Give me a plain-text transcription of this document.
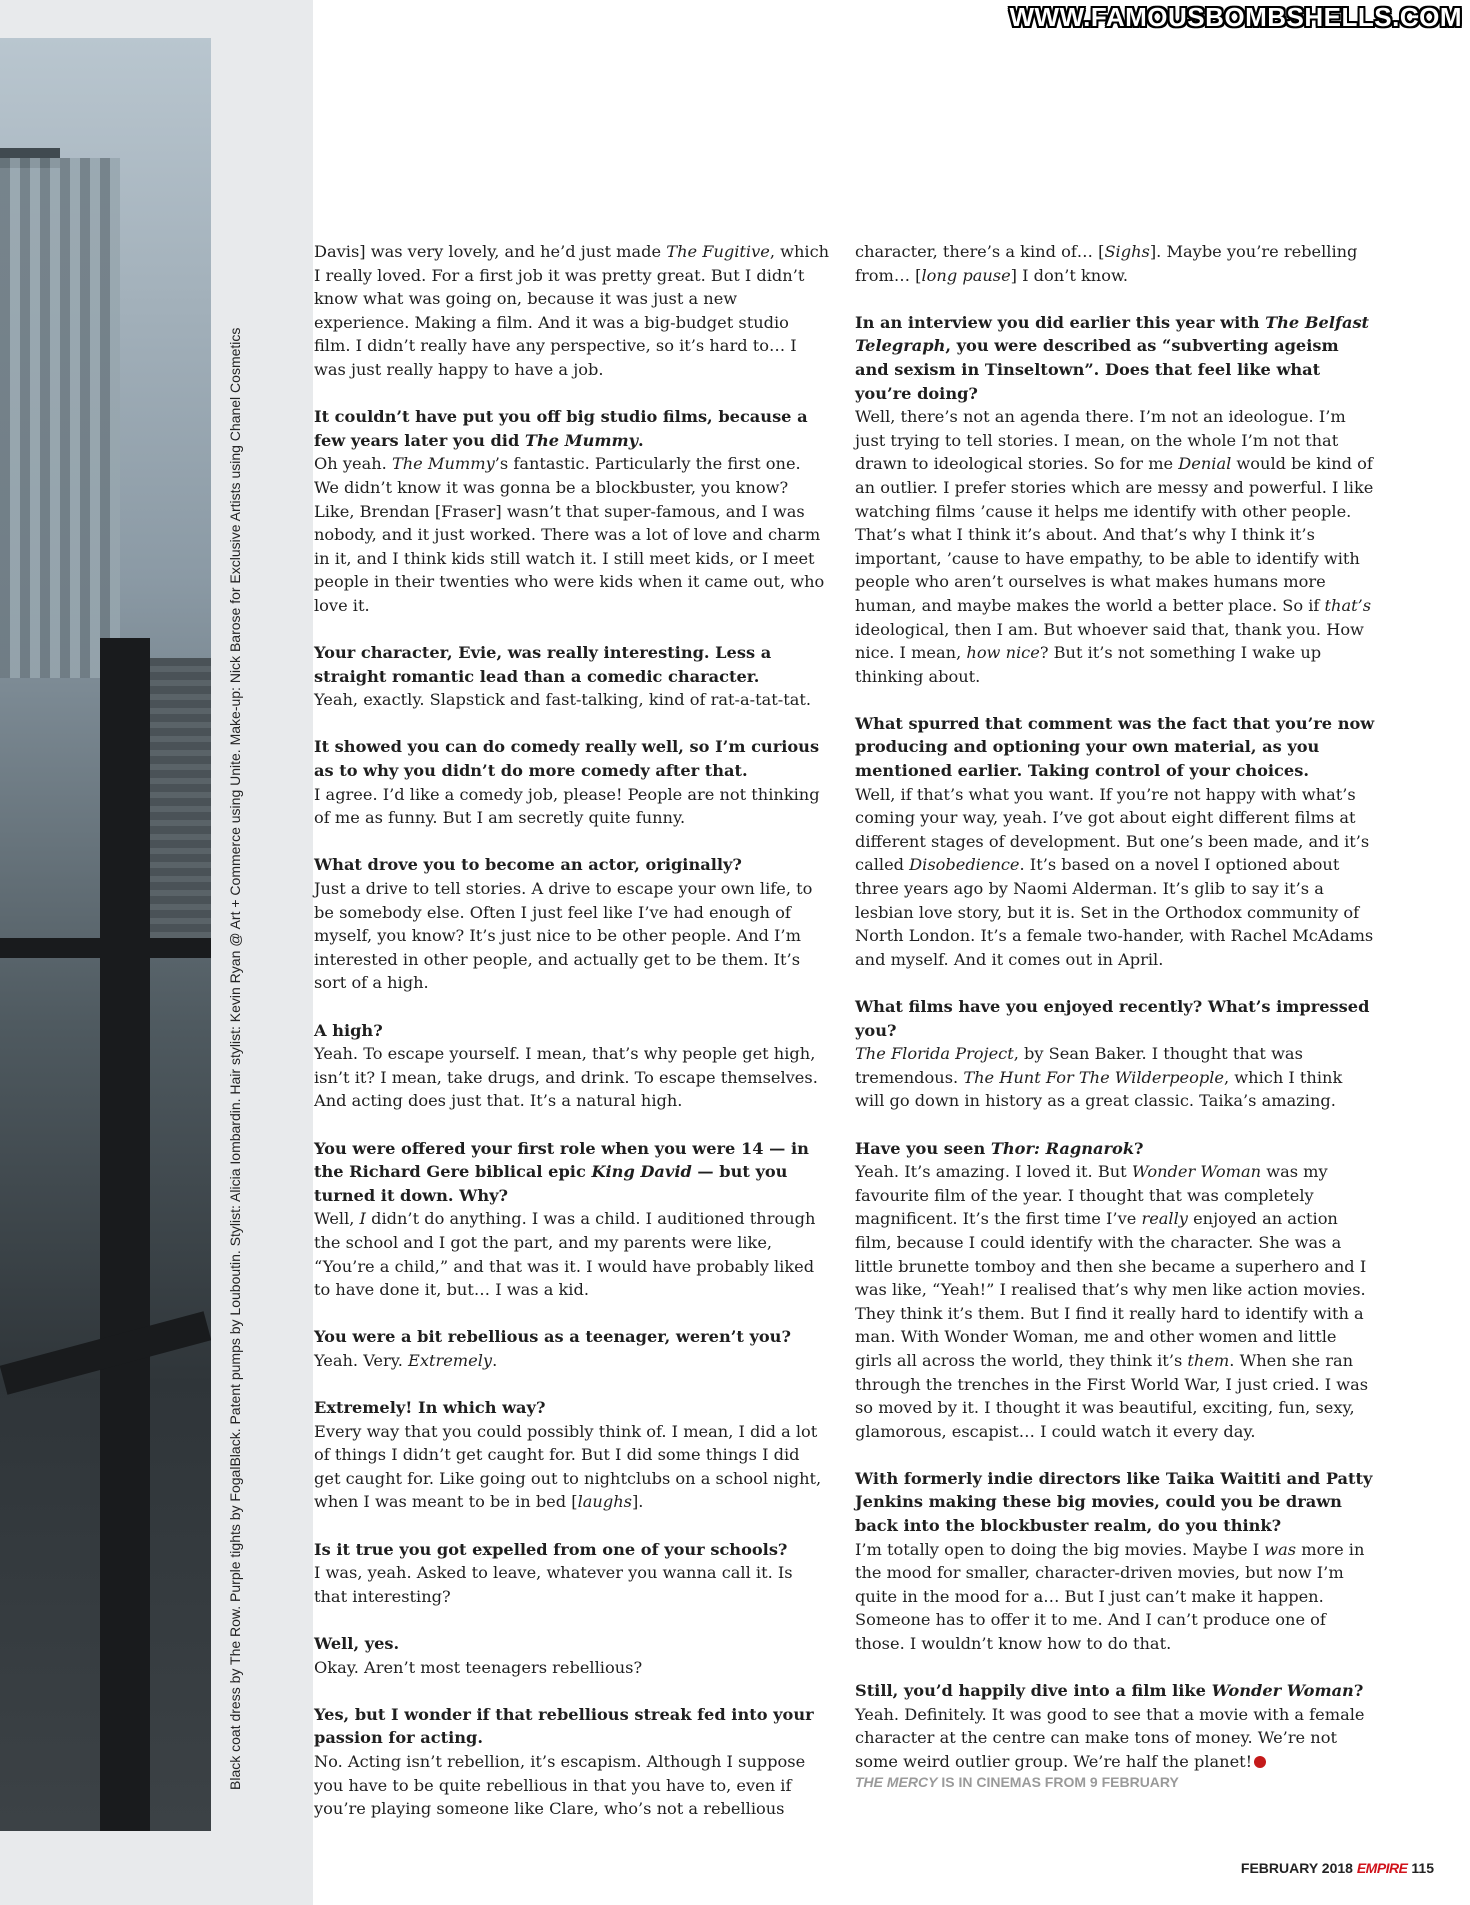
Black coat dress by The Row. Purple tights by FogalBlack. Patent pumps by Louboutin. Stylist: Alicia Iombardin. Hair stylist: Kevin Ryan @ Art + Commerce using Unite. Make-up: Nick Barose for Exclusive Artists using Chanel Cosmetics
WWW.FAMOUSBOMBSHELLS.COM
Davis] was very lovely, and he’d just made The Fugitive, which I really loved. For a first job it was pretty great. But I didn’t know what was going on, because it was just a new experience. Making a film. And it was a big-budget studio film. I didn’t really have any perspective, so it’s hard to… I was just really happy to have a job.
It couldn’t have put you off big studio films, because a few years later you did The Mummy.
Oh yeah. The Mummy’s fantastic. Particularly the first one. We didn’t know it was gonna be a blockbuster, you know? Like, Brendan [Fraser] wasn’t that super-famous, and I was nobody, and it just worked. There was a lot of love and charm in it, and I think kids still watch it. I still meet kids, or I meet people in their twenties who were kids when it came out, who love it.
Your character, Evie, was really interesting. Less a straight romantic lead than a comedic character.
Yeah, exactly. Slapstick and fast-talking, kind of rat-a-tat-tat.
It showed you can do comedy really well, so I’m curious as to why you didn’t do more comedy after that.
I agree. I’d like a comedy job, please! People are not thinking of me as funny. But I am secretly quite funny.
What drove you to become an actor, originally?
Just a drive to tell stories. A drive to escape your own life, to be somebody else. Often I just feel like I’ve had enough of myself, you know? It’s just nice to be other people. And I’m interested in other people, and actually get to be them. It’s sort of a high.
A high?
Yeah. To escape yourself. I mean, that’s why people get high, isn’t it? I mean, take drugs, and drink. To escape themselves. And acting does just that. It’s a natural high.
You were offered your first role when you were 14 — in the Richard Gere biblical epic King David — but you turned it down. Why?
Well, I didn’t do anything. I was a child. I auditioned through the school and I got the part, and my parents were like, “You’re a child,” and that was it. I would have probably liked to have done it, but… I was a kid.
You were a bit rebellious as a teenager, weren’t you?
Yeah. Very. Extremely.
Extremely! In which way?
Every way that you could possibly think of. I mean, I did a lot of things I didn’t get caught for. But I did some things I did get caught for. Like going out to nightclubs on a school night, when I was meant to be in bed [laughs].
Is it true you got expelled from one of your schools?
I was, yeah. Asked to leave, whatever you wanna call it. Is that interesting?
Well, yes.
Okay. Aren’t most teenagers rebellious?
Yes, but I wonder if that rebellious streak fed into your passion for acting.
No. Acting isn’t rebellion, it’s escapism. Although I suppose you have to be quite rebellious in that you have to, even if you’re playing someone like Clare, who’s not a rebellious
character, there’s a kind of… [Sighs]. Maybe you’re rebelling from… [long pause] I don’t know.
In an interview you did earlier this year with The Belfast Telegraph, you were described as “subverting ageism and sexism in Tinseltown”. Does that feel like what you’re doing?
Well, there’s not an agenda there. I’m not an ideologue. I’m just trying to tell stories. I mean, on the whole I’m not that drawn to ideological stories. So for me Denial would be kind of an outlier. I prefer stories which are messy and powerful. I like watching films ’cause it helps me identify with other people. That’s what I think it’s about. And that’s why I think it’s important, ’cause to have empathy, to be able to identify with people who aren’t ourselves is what makes humans more human, and maybe makes the world a better place. So if that’s ideological, then I am. But whoever said that, thank you. How nice. I mean, how nice? But it’s not something I wake up thinking about.
What spurred that comment was the fact that you’re now producing and optioning your own material, as you mentioned earlier. Taking control of your choices.
Well, if that’s what you want. If you’re not happy with what’s coming your way, yeah. I’ve got about eight different films at different stages of development. But one’s been made, and it’s called Disobedience. It’s based on a novel I optioned about three years ago by Naomi Alderman. It’s glib to say it’s a lesbian love story, but it is. Set in the Orthodox community of North London. It’s a female two-hander, with Rachel McAdams and myself. And it comes out in April.
What films have you enjoyed recently? What’s impressed you?
The Florida Project, by Sean Baker. I thought that was tremendous. The Hunt For The Wilderpeople, which I think will go down in history as a great classic. Taika’s amazing.
Have you seen Thor: Ragnarok?
Yeah. It’s amazing. I loved it. But Wonder Woman was my favourite film of the year. I thought that was completely magnificent. It’s the first time I’ve really enjoyed an action film, because I could identify with the character. She was a little brunette tomboy and then she became a superhero and I was like, “Yeah!” I realised that’s why men like action movies. They think it’s them. But I find it really hard to identify with a man. With Wonder Woman, me and other women and little girls all across the world, they think it’s them. When she ran through the trenches in the First World War, I just cried. I was so moved by it. I thought it was beautiful, exciting, fun, sexy, glamorous, escapist… I could watch it every day.
With formerly indie directors like Taika Waititi and Patty Jenkins making these big movies, could you be drawn back into the blockbuster realm, do you think?
I’m totally open to doing the big movies. Maybe I was more in the mood for smaller, character-driven movies, but now I’m quite in the mood for a… But I just can’t make it happen. Someone has to offer it to me. And I can’t produce one of those. I wouldn’t know how to do that.
Still, you’d happily dive into a film like Wonder Woman?
Yeah. Definitely. It was good to see that a movie with a female character at the centre can make tons of money. We’re not some weird outlier group. We’re half the planet!
THE MERCY IS IN CINEMAS FROM 9 FEBRUARY
FEBRUARY 2018 EMPIRE 115
